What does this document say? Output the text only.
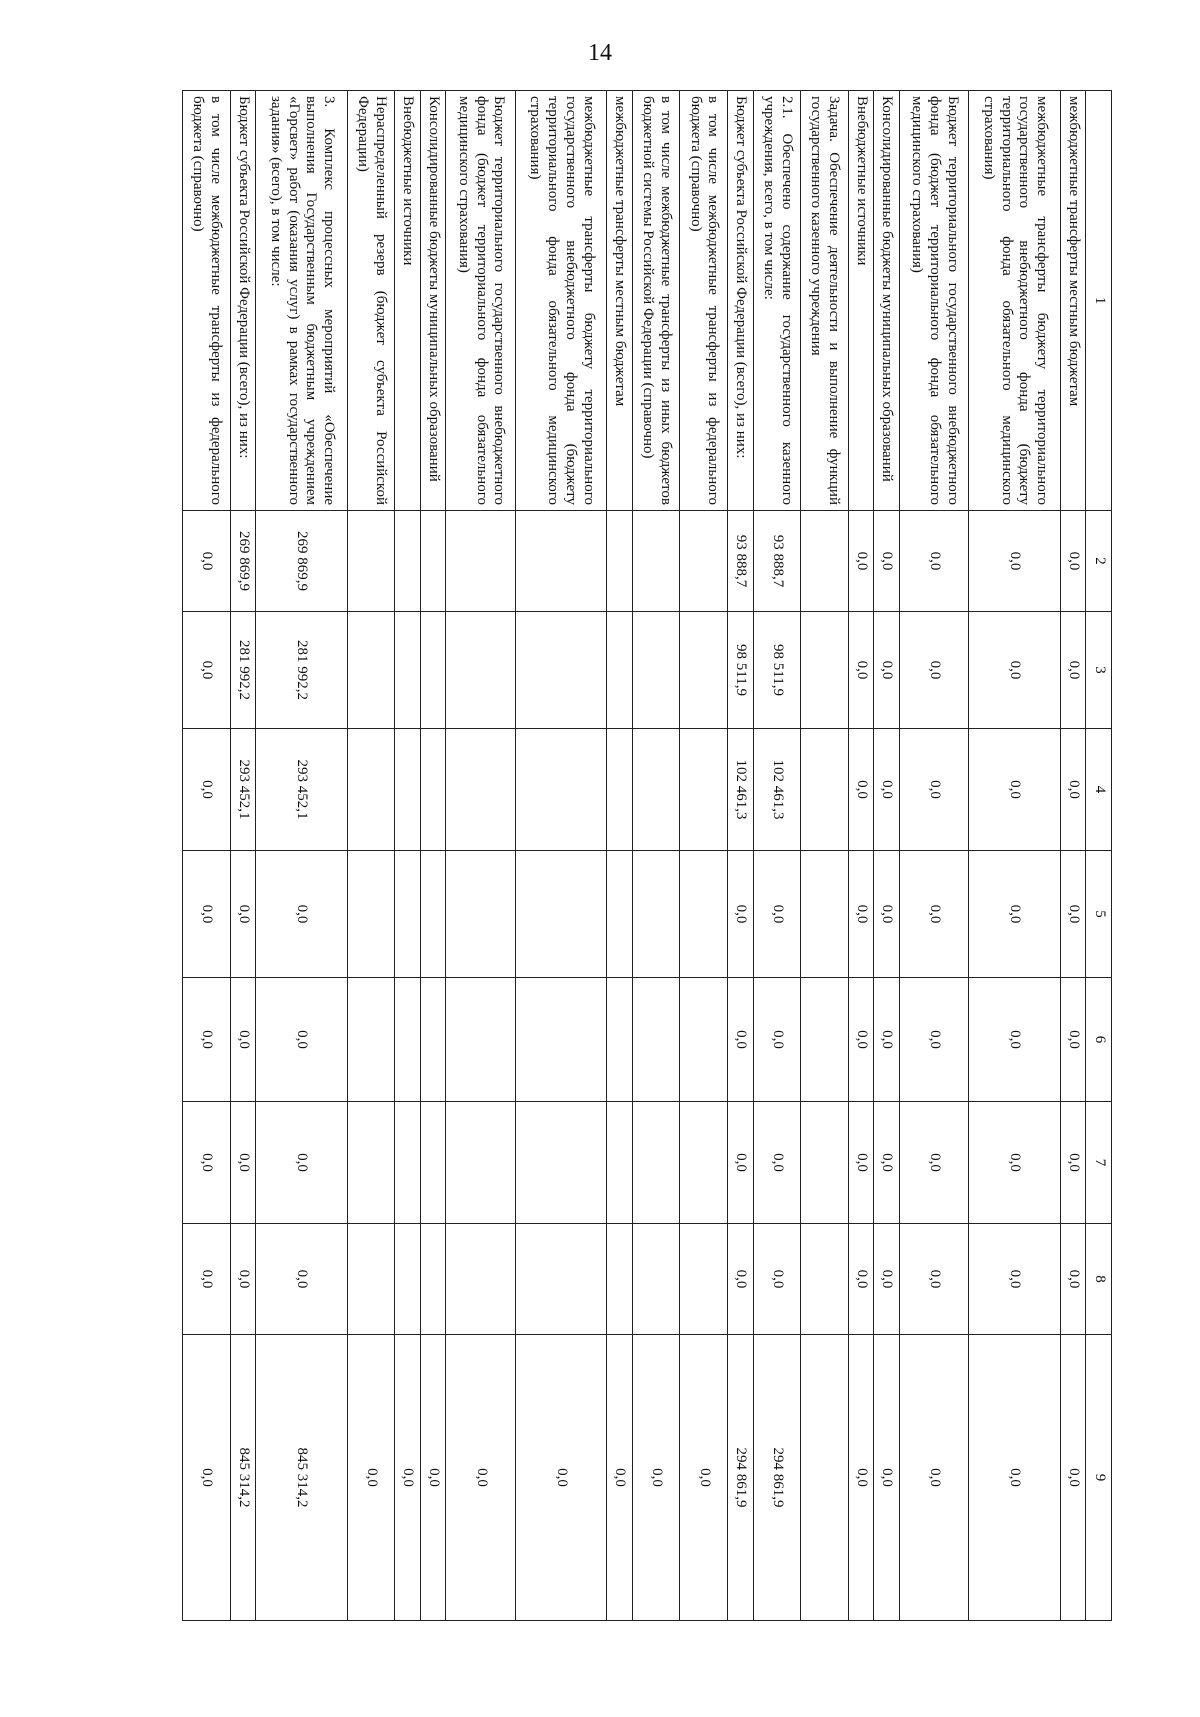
14
1	2	3	4	5	6	7	8	9
межбюджетные трансферты местным бюджетам	0,0	0,0	0,0	0,0	0,0	0,0	0,0	0,0
межбюджетные трансферты бюджету территориального государственного внебюджетного фонда (бюджету территориального фонда обязательного медицинского страхования)	0,0	0,0	0,0	0,0	0,0	0,0	0,0	0,0
Бюджет территориального государственного внебюджетного фонда (бюджет территориального фонда обязательного медицинского страхования)	0,0	0,0	0,0	0,0	0,0	0,0	0,0	0,0
Консолидированные бюджеты муниципальных образований	0,0	0,0	0,0	0,0	0,0	0,0	0,0	0,0
Внебюджетные источники	0,0	0,0	0,0	0,0	0,0	0,0	0,0	0,0
Задача. Обеспечение деятельности и выполнение функций государственного казенного учреждения								
2.1. Обеспечено содержание государственного казенного учреждения, всего, в том числе:	93 888,7	98 511,9	102 461,3	0,0	0,0	0,0	0,0	294 861,9
Бюджет субъекта Российской Федерации (всего), из них:	93 888,7	98 511,9	102 461,3	0,0	0,0	0,0	0,0	294 861,9
в том числе межбюджетные трансферты из федерального бюджета (справочно)								0,0
в том числе межбюджетные трансферты из иных бюджетов бюджетной системы Российской Федерации (справочно)								0,0
межбюджетные трансферты местным бюджетам								0,0
межбюджетные трансферты бюджету территориального государственного внебюджетного фонда (бюджету территориального фонда обязательного медицинского страхования)								0,0
Бюджет территориального государственного внебюджетного фонда (бюджет территориального фонда обязательного медицинского страхования)								0,0
Консолидированные бюджеты муниципальных образований								0,0
Внебюджетные источники								0,0
Нераспределенный резерв (бюджет субъекта Российской Федерации)								0,0
3. Комплекс процессных мероприятий «Обеспечение выполнения Государственным бюджетным учреждением «Горсвет» работ (оказания услуг) в рамках государственного задания» (всего), в том числе:	269 869,9	281 992,2	293 452,1	0,0	0,0	0,0	0,0	845 314,2
Бюджет субъекта Российской Федерации (всего), из них:	269 869,9	281 992,2	293 452,1	0,0	0,0	0,0	0,0	845 314,2
в том числе межбюджетные трансферты из федерального бюджета (справочно)	0,0	0,0	0,0	0,0	0,0	0,0	0,0	0,0
